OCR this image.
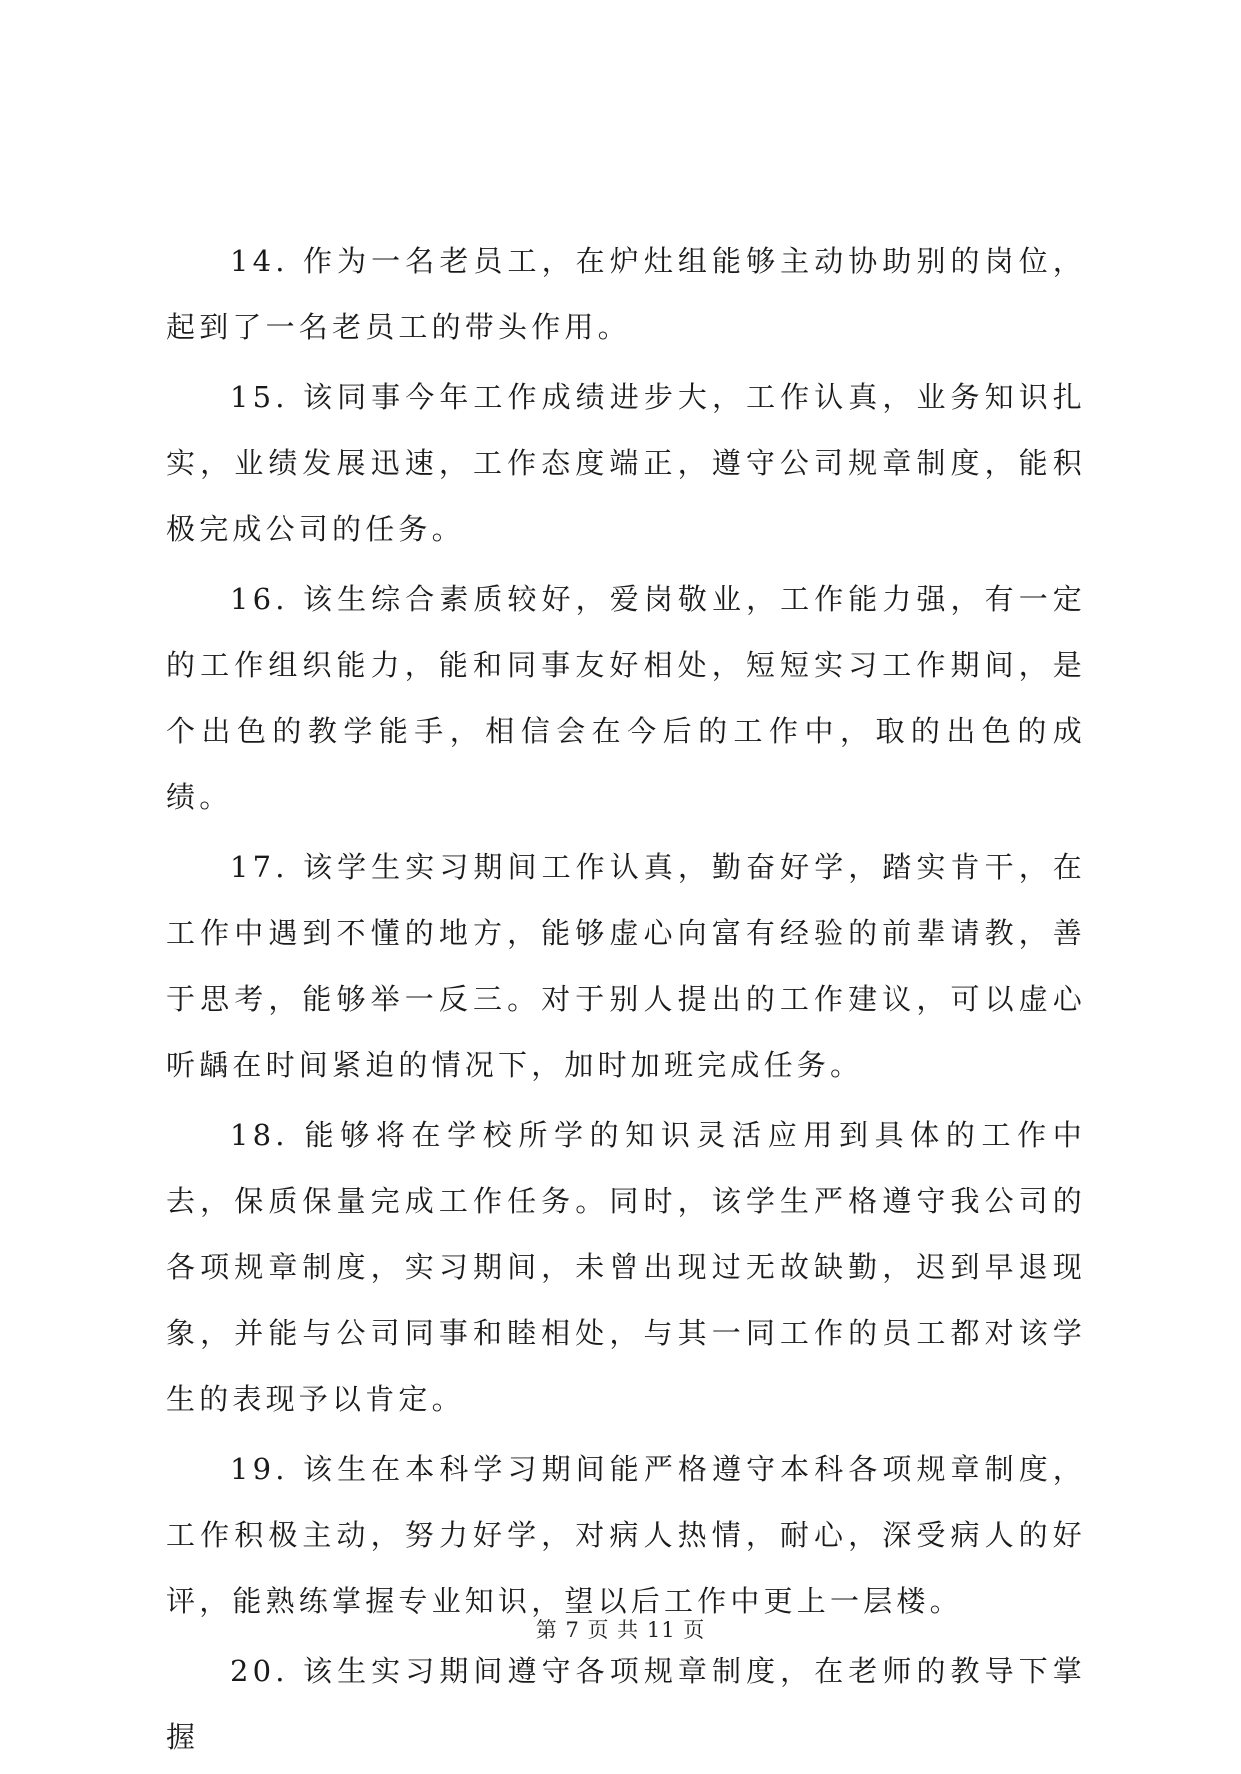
14. 作为一名老员工，在炉灶组能够主动协助别的岗位，起到了一名老员工的带头作用。

15. 该同事今年工作成绩进步大，工作认真，业务知识扎实，业绩发展迅速，工作态度端正，遵守公司规章制度，能积极完成公司的任务。

16. 该生综合素质较好，爱岗敬业，工作能力强，有一定的工作组织能力，能和同事友好相处，短短实习工作期间，是个出色的教学能手，相信会在今后的工作中，取的出色的成绩。

17. 该学生实习期间工作认真，勤奋好学，踏实肯干，在工作中遇到不懂的地方，能够虚心向富有经验的前辈请教，善于思考，能够举一反三。对于别人提出的工作建议，可以虚心听龋在时间紧迫的情况下，加时加班完成任务。

18. 能够将在学校所学的知识灵活应用到具体的工作中去，保质保量完成工作任务。同时，该学生严格遵守我公司的各项规章制度，实习期间，未曾出现过无故缺勤，迟到早退现象，并能与公司同事和睦相处，与其一同工作的员工都对该学生的表现予以肯定。

19. 该生在本科学习期间能严格遵守本科各项规章制度，工作积极主动，努力好学，对病人热情，耐心，深受病人的好评，能熟练掌握专业知识，望以后工作中更上一层楼。

20. 该生实习期间遵守各项规章制度，在老师的教导下掌握

第 7 页 共 11 页
